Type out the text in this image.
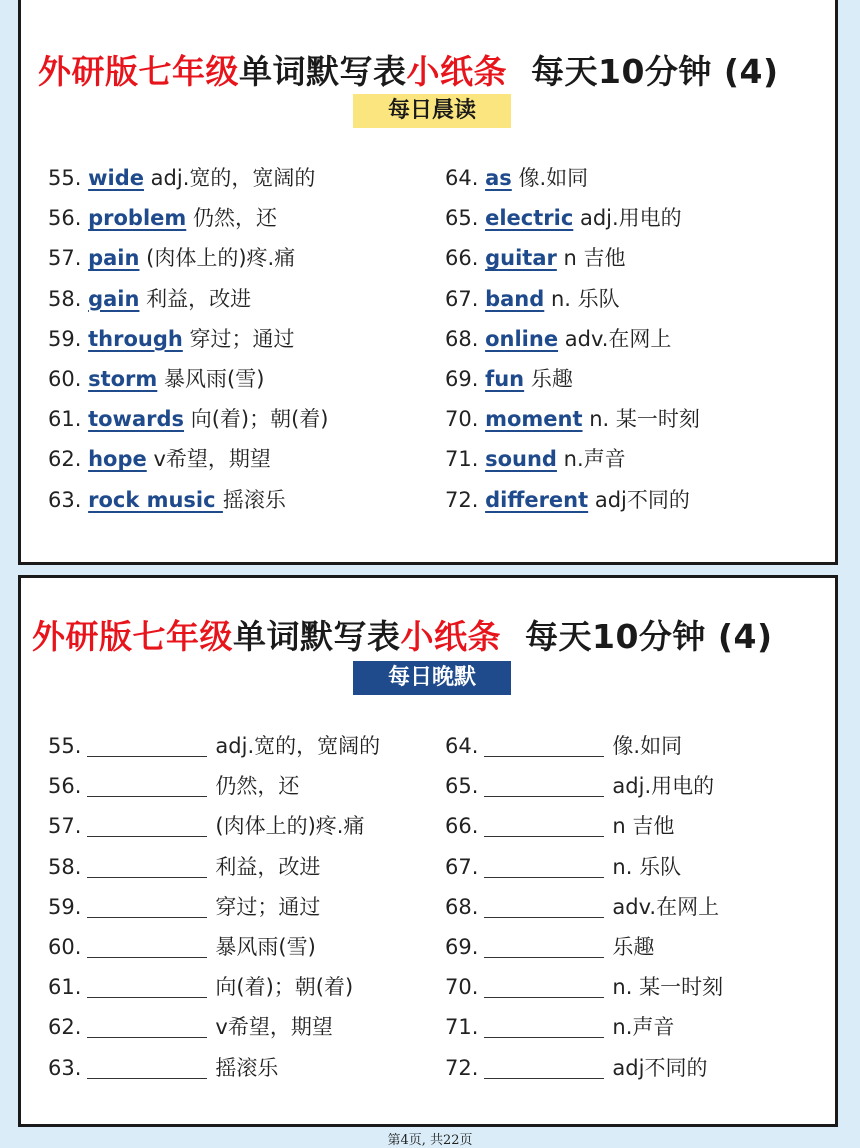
外研版七年级单词默写表小纸条 每天10分钟 (4)
每日晨读
55. wide adj.宽的，宽阔的
56. problem 仍然，还
57. pain (肉体上的)疼.痛
58. gain 利益，改进
59. through 穿过；通过
60. storm 暴风雨(雪)
61. towards 向(着)；朝(着)
62. hope v希望，期望
63. rock music 摇滚乐
64. as 像.如同
65. electric adj.用电的
66. guitar n 吉他
67. band n. 乐队
68. online adv.在网上
69. fun 乐趣
70. moment n. 某一时刻
71. sound n.声音
72. different adj不同的
外研版七年级单词默写表小纸条 每天10分钟 (4)
每日晚默
55.	adj.宽的，宽阔的
56.	仍然，还
57.	(肉体上的)疼.痛
58.	利益，改进
59.	穿过；通过
60.	暴风雨(雪)
61.	向(着)；朝(着)
62.	v希望，期望
63.	摇滚乐
64.	像.如同
65.	adj.用电的
66.	n 吉他
67.	n. 乐队
68.	adv.在网上
69.	乐趣
70.	n. 某一时刻
71.	n.声音
72.	adj不同的
第4页, 共22页
